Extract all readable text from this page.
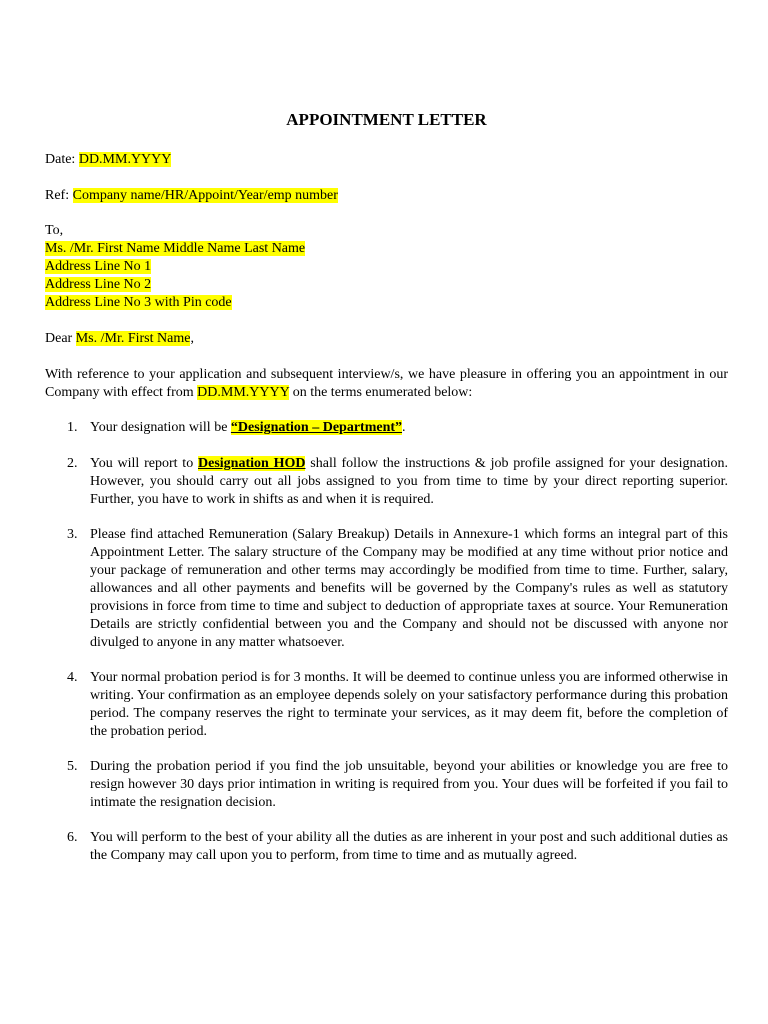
APPOINTMENT LETTER
Date: DD.MM.YYYY
Ref: Company name/HR/Appoint/Year/emp number
To,
Ms. /Mr. First Name Middle Name Last Name
Address Line No 1
Address Line No 2
Address Line No 3 with Pin code
Dear Ms. /Mr. First Name,
With reference to your application and subsequent interview/s, we have pleasure in offering you an appointment in our Company with effect from DD.MM.YYYY on the terms enumerated below:
1. Your designation will be “Designation – Department”.
2. You will report to Designation HOD shall follow the instructions & job profile assigned for your designation. However, you should carry out all jobs assigned to you from time to time by your direct reporting superior. Further, you have to work in shifts as and when it is required.
3. Please find attached Remuneration (Salary Breakup) Details in Annexure-1 which forms an integral part of this Appointment Letter. The salary structure of the Company may be modified at any time without prior notice and your package of remuneration and other terms may accordingly be modified from time to time. Further, salary, allowances and all other payments and benefits will be governed by the Company's rules as well as statutory provisions in force from time to time and subject to deduction of appropriate taxes at source. Your Remuneration Details are strictly confidential between you and the Company and should not be discussed with anyone nor divulged to anyone in any matter whatsoever.
4. Your normal probation period is for 3 months. It will be deemed to continue unless you are informed otherwise in writing. Your confirmation as an employee depends solely on your satisfactory performance during this probation period. The company reserves the right to terminate your services, as it may deem fit, before the completion of the probation period.
5. During the probation period if you find the job unsuitable, beyond your abilities or knowledge you are free to resign however 30 days prior intimation in writing is required from you. Your dues will be forfeited if you fail to intimate the resignation decision.
6. You will perform to the best of your ability all the duties as are inherent in your post and such additional duties as the Company may call upon you to perform, from time to time and as mutually agreed.
